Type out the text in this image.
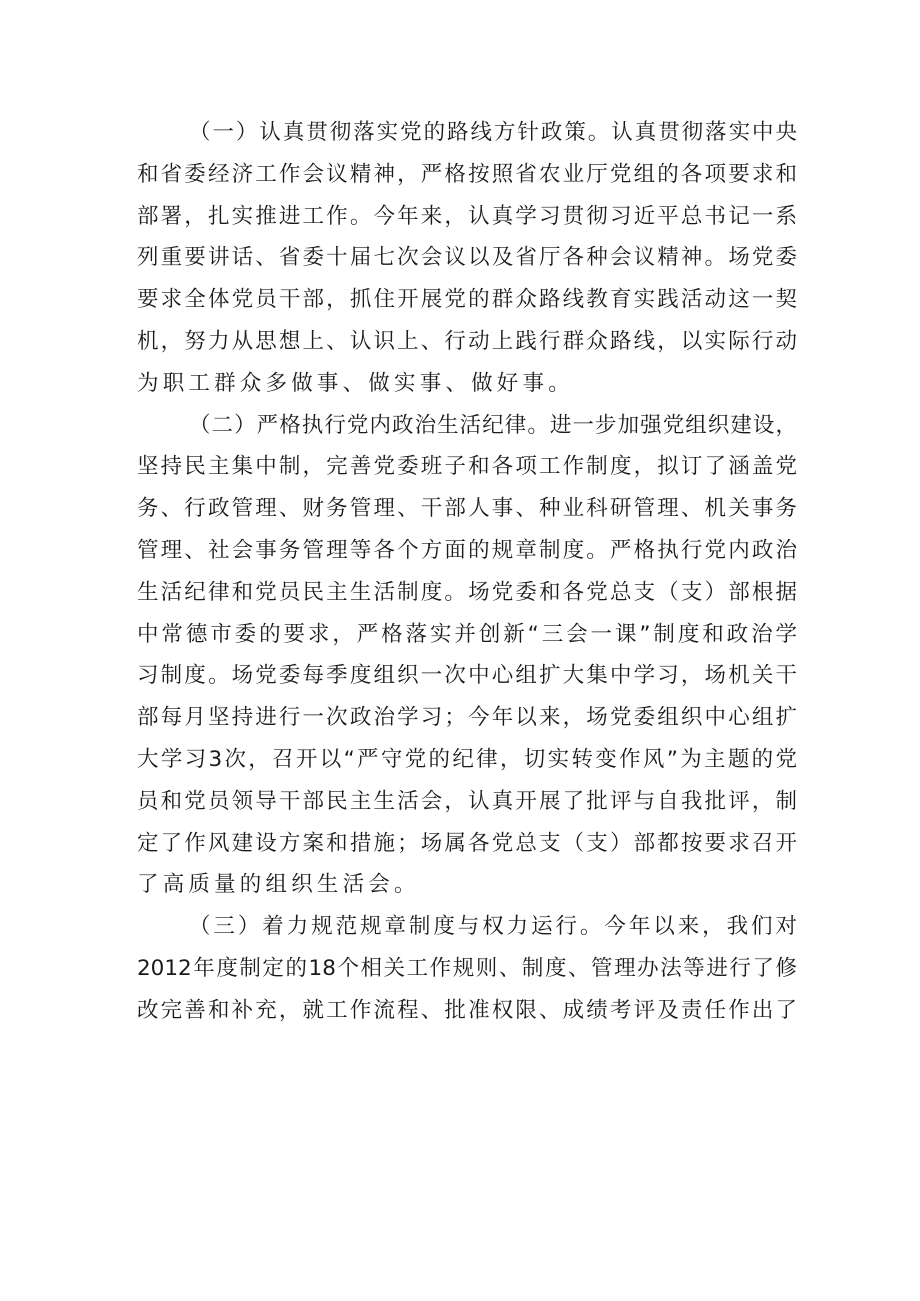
（一）认真贯彻落实党的路线方针政策。认真贯彻落实中央
和省委经济工作会议精神，严格按照省农业厅党组的各项要求和
部署，扎实推进工作。今年来，认真学习贯彻习近平总书记一系
列重要讲话、省委十届七次会议以及省厅各种会议精神。场党委
要求全体党员干部，抓住开展党的群众路线教育实践活动这一契
机，努力从思想上、认识上、行动上践行群众路线，以实际行动
为职工群众多做事、做实事、做好事。
（二）严格执行党内政治生活纪律。进一步加强党组织建设，
坚持民主集中制，完善党委班子和各项工作制度，拟订了涵盖党
务、行政管理、财务管理、干部人事、种业科研管理、机关事务
管理、社会事务管理等各个方面的规章制度。严格执行党内政治
生活纪律和党员民主生活制度。场党委和各党总支（支）部根据
中常德市委的要求，严格落实并创新“三会一课”制度和政治学
习制度。场党委每季度组织一次中心组扩大集中学习，场机关干
部每月坚持进行一次政治学习；今年以来，场党委组织中心组扩
大学习3次，召开以“严守党的纪律，切实转变作风”为主题的党
员和党员领导干部民主生活会，认真开展了批评与自我批评，制
定了作风建设方案和措施；场属各党总支（支）部都按要求召开
了高质量的组织生活会。
（三）着力规范规章制度与权力运行。今年以来，我们对
2012年度制定的18个相关工作规则、制度、管理办法等进行了修
改完善和补充，就工作流程、批准权限、成绩考评及责任作出了
